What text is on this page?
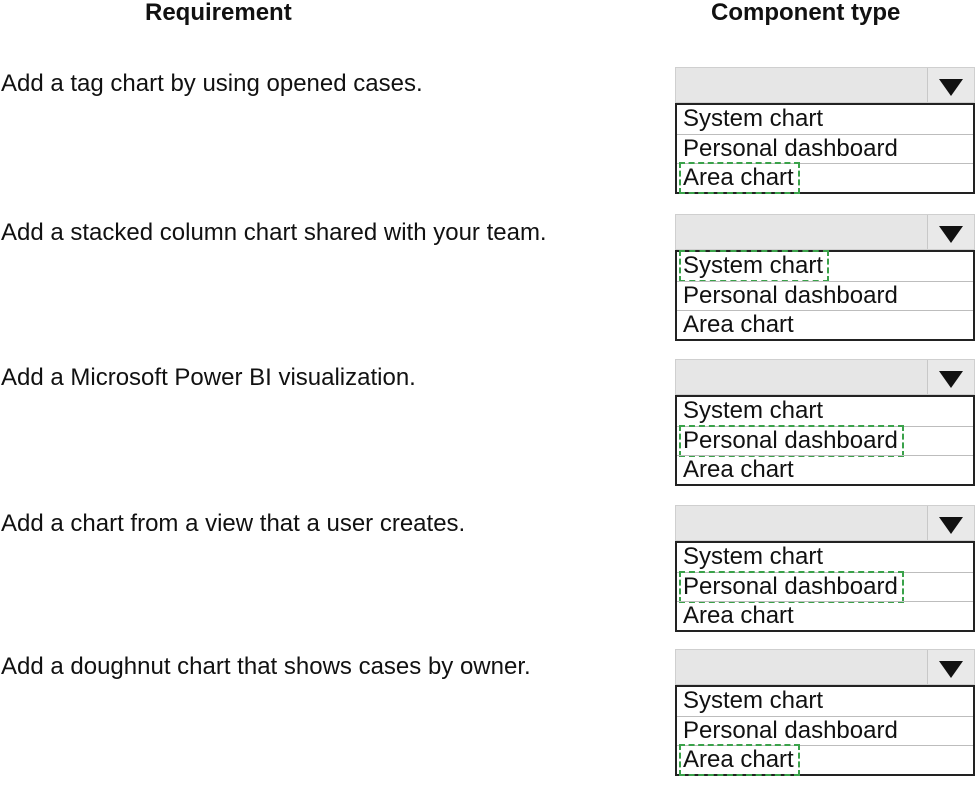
Requirement	Component type
Add a tag chart by using opened cases.
System chart
Personal dashboard
Area chart
Add a stacked column chart shared with your team.
System chart
Personal dashboard
Area chart
Add a Microsoft Power BI visualization.
System chart
Personal dashboard
Area chart
Add a chart from a view that a user creates.
System chart
Personal dashboard
Area chart
Add a doughnut chart that shows cases by owner.
System chart
Personal dashboard
Area chart
